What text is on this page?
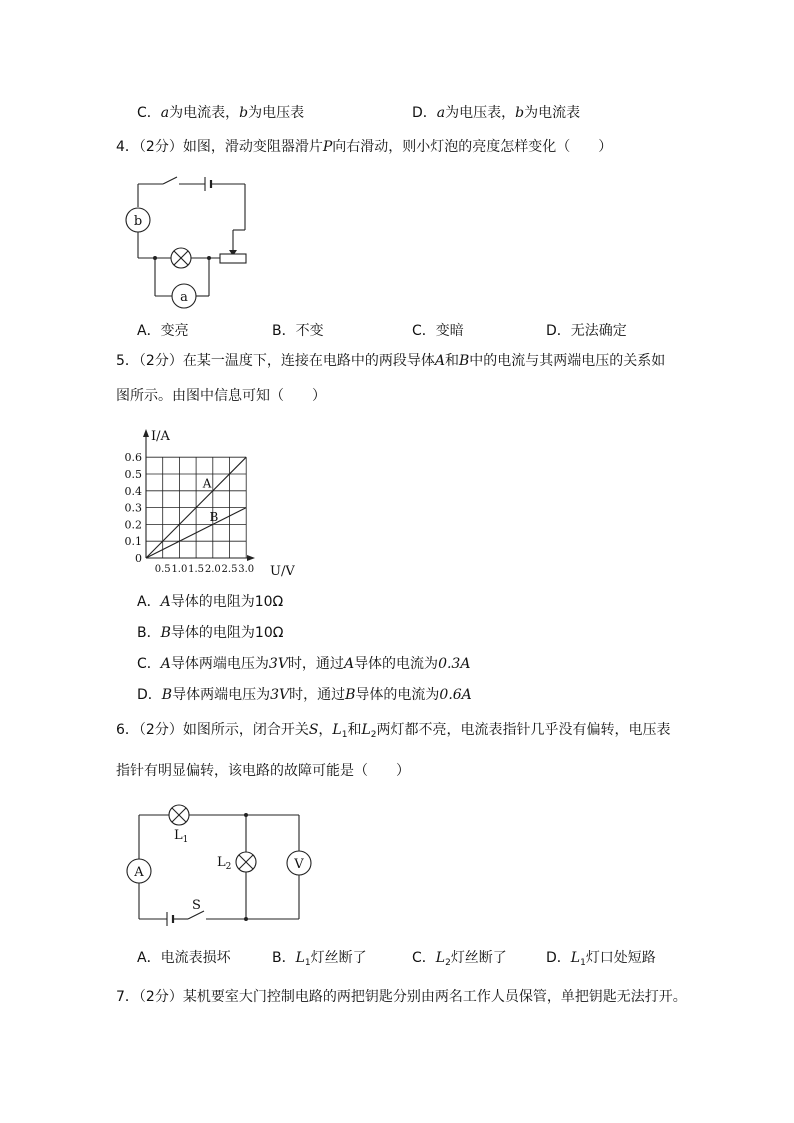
C．a为电流表，b为电压表	D．a为电压表，b为电流表
4．（2分）如图，滑动变阻器滑片P向右滑动，则小灯泡的亮度怎样变化（　　）
b
a
A．变亮	B．不变	C．变暗	D．无法确定
5．（2分）在某一温度下，连接在电路中的两段导体A和B中的电流与其两端电压的关系如
图所示。由图中信息可知（　　）
0.5 1.0 1.5 2.0 2.5 3.0
0
0.1
0.2
0.3
0.4
0.5
0.6
A
B
I/A
U/V
A．A导体的电阻为10Ω
B．B导体的电阻为10Ω
C．A导体两端电压为3V时，通过A导体的电流为0.3A
D．B导体两端电压为3V时，通过B导体的电流为0.6A
6．（2分）如图所示，闭合开关S，$L_1$和$L_2$两灯都不亮，电流表指针几乎没有偏转，电压表
指针有明显偏转，该电路的故障可能是（　　）
A
V
$L_1$
$L_2$
S
A．电流表损坏	B．$L_1$灯丝断了	C．$L_2$灯丝断了	D．$L_1$灯口处短路
7．（2分）某机要室大门控制电路的两把钥匙分别由两名工作人员保管，单把钥匙无法打开。
